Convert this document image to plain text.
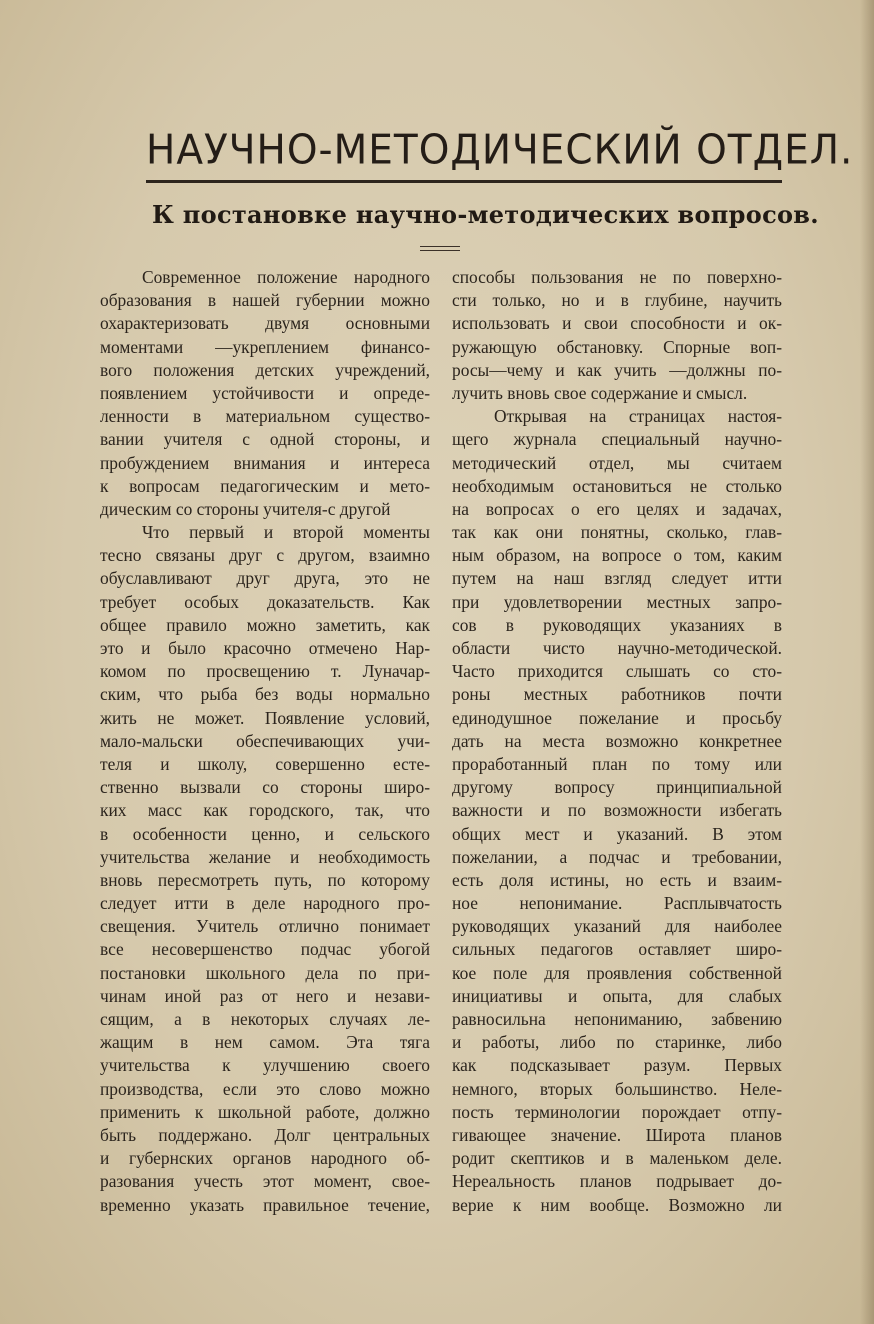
НАУЧНО-МЕТОДИЧЕСКИЙ ОТДЕЛ.
К постановке научно-методических вопросов.
Современное положение народного
образования в нашей губернии можно
охарактеризовать двумя основными
моментами —укреплением финансо-
вого положения детских учреждений,
появлением устойчивости и опреде-
ленности в материальном существо-
вании учителя с одной стороны, и
пробуждением внимания и интереса
к вопросам педагогическим и мето-
дическим со стороны учителя-с другой
Что первый и второй моменты
тесно связаны друг с другом, взаимно
обуславливают друг друга, это не
требует особых доказательств. Как
общее правило можно заметить, как
это и было красочно отмечено Нар-
комом по просвещению т. Луначар-
ским, что рыба без воды нормально
жить не может. Появление условий,
мало-мальски обеспечивающих учи-
теля и школу, совершенно есте-
ственно вызвали со стороны широ-
ких масс как городского, так, что
в особенности ценно, и сельского
учительства желание и необходимость
вновь пересмотреть путь, по которому
следует итти в деле народного про-
свещения. Учитель отлично понимает
все несовершенство подчас убогой
постановки школьного дела по при-
чинам иной раз от него и незави-
сящим, а в некоторых случаях ле-
жащим в нем самом. Эта тяга
учительства к улучшению своего
производства, если это слово можно
применить к школьной работе, должно
быть поддержано. Долг центральных
и губернских органов народного об-
разования учесть этот момент, свое-
временно указать правильное течение,
способы пользования не по поверхно-
сти только, но и в глубине, научить
использовать и свои способности и ок-
ружающую обстановку. Спорные воп-
росы—чему и как учить —должны по-
лучить вновь свое содержание и смысл.
Открывая на страницах настоя-
щего журнала специальный научно-
методический отдел, мы считаем
необходимым остановиться не столько
на вопросах о его целях и задачах,
так как они понятны, сколько, глав-
ным образом, на вопросе о том, каким
путем на наш взгляд следует итти
при удовлетворении местных запро-
сов в руководящих указаниях в
области чисто научно-методической.
Часто приходится слышать со сто-
роны местных работников почти
единодушное пожелание и просьбу
дать на места возможно конкретнее
проработанный план по тому или
другому вопросу принципиальной
важности и по возможности избегать
общих мест и указаний. В этом
пожелании, а подчас и требовании,
есть доля истины, но есть и взаим-
ное непонимание. Расплывчатость
руководящих указаний для наиболее
сильных педагогов оставляет широ-
кое поле для проявления собственной
инициативы и опыта, для слабых
равносильна непониманию, забвению
и работы, либо по старинке, либо
как подсказывает разум. Первых
немного, вторых большинство. Неле-
пость терминологии порождает отпу-
гивающее значение. Широта планов
родит скептиков и в маленьком деле.
Нереальность планов подрывает до-
верие к ним вообще. Возможно ли
